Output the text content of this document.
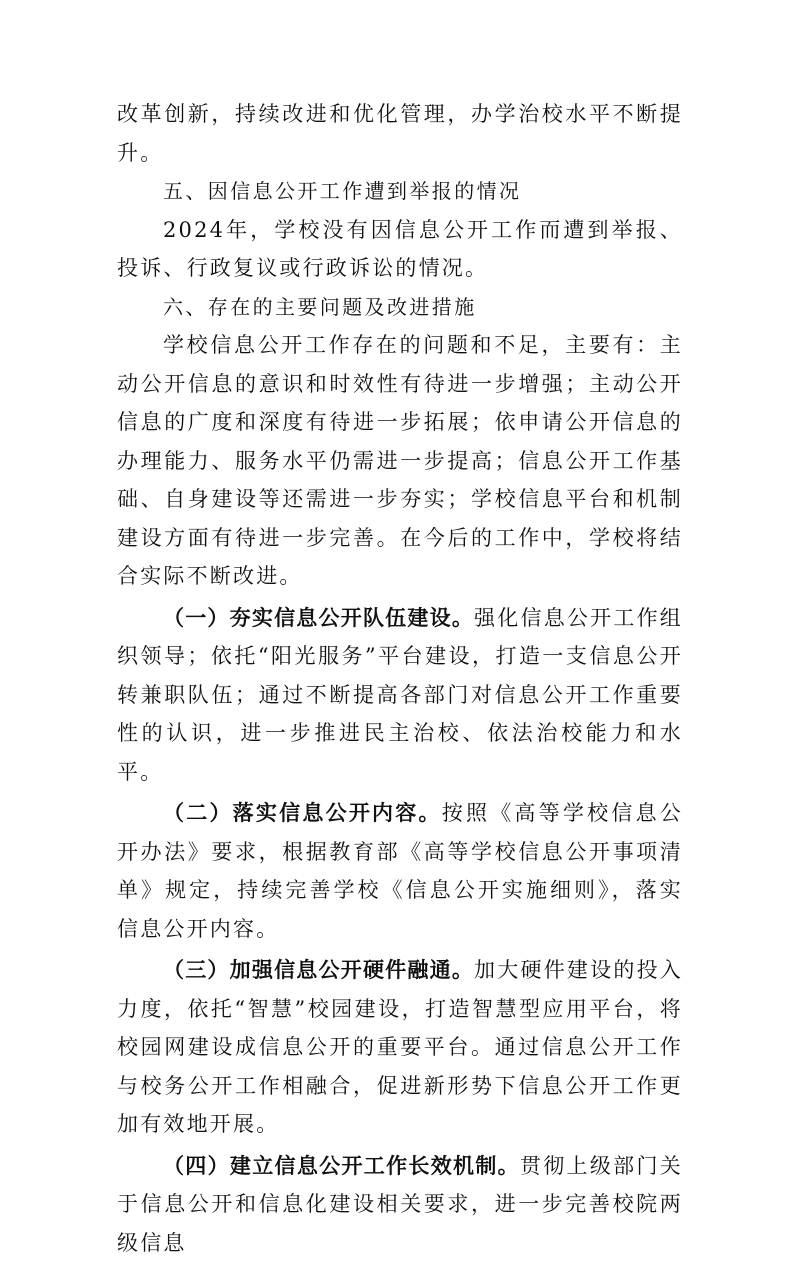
改革创新，持续改进和优化管理，办学治校水平不断提升。

五、因信息公开工作遭到举报的情况

2024年，学校没有因信息公开工作而遭到举报、投诉、行政复议或行政诉讼的情况。

六、存在的主要问题及改进措施

学校信息公开工作存在的问题和不足，主要有：主动公开信息的意识和时效性有待进一步增强；主动公开信息的广度和深度有待进一步拓展；依申请公开信息的办理能力、服务水平仍需进一步提高；信息公开工作基础、自身建设等还需进一步夯实；学校信息平台和机制建设方面有待进一步完善。在今后的工作中，学校将结合实际不断改进。

（一）夯实信息公开队伍建设。强化信息公开工作组织领导；依托“阳光服务”平台建设，打造一支信息公开转兼职队伍；通过不断提高各部门对信息公开工作重要性的认识，进一步推进民主治校、依法治校能力和水平。

（二）落实信息公开内容。按照《高等学校信息公开办法》要求，根据教育部《高等学校信息公开事项清单》规定，持续完善学校《信息公开实施细则》，落实信息公开内容。

（三）加强信息公开硬件融通。加大硬件建设的投入力度，依托“智慧”校园建设，打造智慧型应用平台，将校园网建设成信息公开的重要平台。通过信息公开工作与校务公开工作相融合，促进新形势下信息公开工作更加有效地开展。

（四）建立信息公开工作长效机制。贯彻上级部门关于信息公开和信息化建设相关要求，进一步完善校院两级信息
